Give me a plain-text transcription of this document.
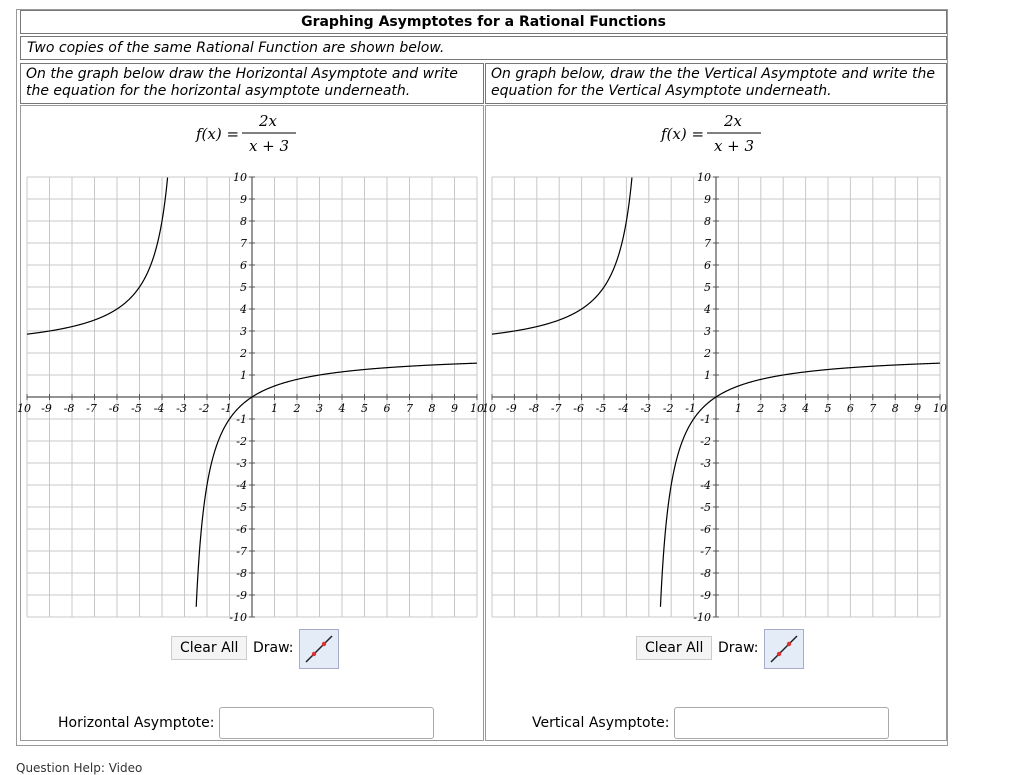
Graphing Asymptotes for a Rational Functions
Two copies of the same Rational Function are shown below.
On the graph below draw the Horizontal Asymptote and write the equation for the horizontal asymptote underneath.
On graph below, draw the the Vertical Asymptote and write the equation for the Vertical Asymptote underneath.
f(x) =
2x
x + 3
10 -9 -8 -7 -6 -5 -4 -3 -2 -1	1 2 3 4 5 6 7 8 9 10
10
9
8
7
6
5
4
3
2
1
-1
-2
-3
-4
-5
-6
-7
-8
-9
-10
Clear All	Draw:
Horizontal Asymptote:
f(x) =
2x
x + 3
10 -9 -8 -7 -6 -5 -4 -3 -2 -1	1 2 3 4 5 6 7 8 9 10
10
9
8
7
6
5
4
3
2
1
-1
-2
-3
-4
-5
-6
-7
-8
-9
-10
Clear All	Draw:
Vertical Asymptote:
Question Help: Video
